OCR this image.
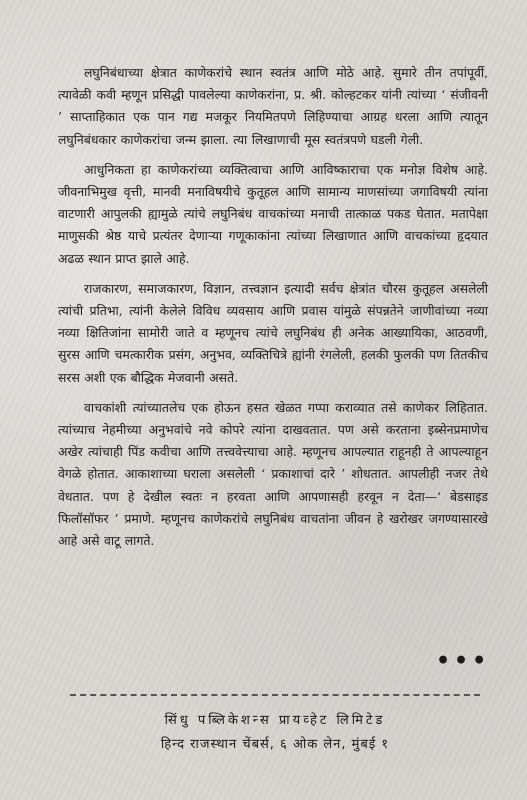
लघुनिबंधाच्या क्षेत्रात काणेकरांचे स्थान स्वतंत्र आणि मोठे आहे. सुमारे तीन तपांपूर्वी, त्यावेळी कवी म्हणून प्रसिद्धी पावलेल्या काणेकरांना, प्र. श्री. कोल्हटकर यांनी त्यांच्या ‘ संजीवनी ’ साप्ताहिकात एक पान गद्य मजकूर नियमितपणे लिहिण्याचा आग्रह धरला आणि त्यातून लघुनिबंधकार काणेकरांचा जन्म झाला. त्या लिखाणाची मूस स्वतंत्रपणे घडली गेली.

आधुनिकता हा काणेकरांच्या व्यक्तित्वाचा आणि आविष्काराचा एक मनोज्ञ विशेष आहे. जीवनाभिमुख वृत्ती, मानवी मनाविषयीचे कुतूहल आणि सामान्य माणसांच्या जगाविषयी त्यांना वाटणारी आपुलकी ह्यामुळे त्यांचे लघुनिबंध वाचकांच्या मनाची तात्काळ पकड घेतात. मतापेक्षा माणुसकी श्रेष्ठ याचे प्रत्यंतर देणाऱ्या गणूकाकांना त्यांच्या लिखाणात आणि वाचकांच्या हृदयात अढळ स्थान प्राप्त झाले आहे.

राजकारण, समाजकारण, विज्ञान, तत्त्वज्ञान इत्यादी सर्वच क्षेत्रांत चौरस कुतूहल असलेली त्यांची प्रतिभा, त्यांनी केलेले विविध व्यवसाय आणि प्रवास यांमुळे संपन्नतेने जाणीवांच्या नव्या नव्या क्षितिजांना सामोरी जाते व म्हणूनच त्यांचे लघुनिबंध ही अनेक आख्यायिका, आठवणी, सुरस आणि चमत्कारीक प्रसंग, अनुभव, व्यक्तिचित्रे ह्यांनी रंगलेली, हलकी फुलकी पण तितकीच सरस अशी एक बौद्धिक मेजवानी असते.

वाचकांशी त्यांच्यातलेच एक होऊन हसत खेळत गप्पा कराव्यात तसे काणेकर लिहितात. त्यांच्याच नेहमीच्या अनुभवांचे नवे कोपरे त्यांना दाखवतात. पण असे करताना इब्सेनप्रमाणेच अखेर त्यांचाही पिंड कवीचा आणि तत्त्ववेत्त्याचा आहे. म्हणूनच आपल्यात राहूनही ते आपल्याहून वेगळे होतात. आकाशाच्या घराला असलेली ‘ प्रकाशाचां दारे ’ शोधतात. आपलीही नजर तेथे वेधतात. पण हे देखील स्वतः न हरवता आणि आपणासही हरवून न देता—‘ बेडसाइड फिलॉसॉफर ’ प्रमाणे. म्हणूनच काणेकरांचे लघुनिबंध वाचतांना जीवन हे खरोखर जगण्यासारखे आहे असे वाटू लागते.

•••
सिंधु पब्लिकेशन्स प्रायव्हेट लिमिटेड
हिन्द राजस्थान चेंबर्स, ६ ओक लेन, मुंबई १
